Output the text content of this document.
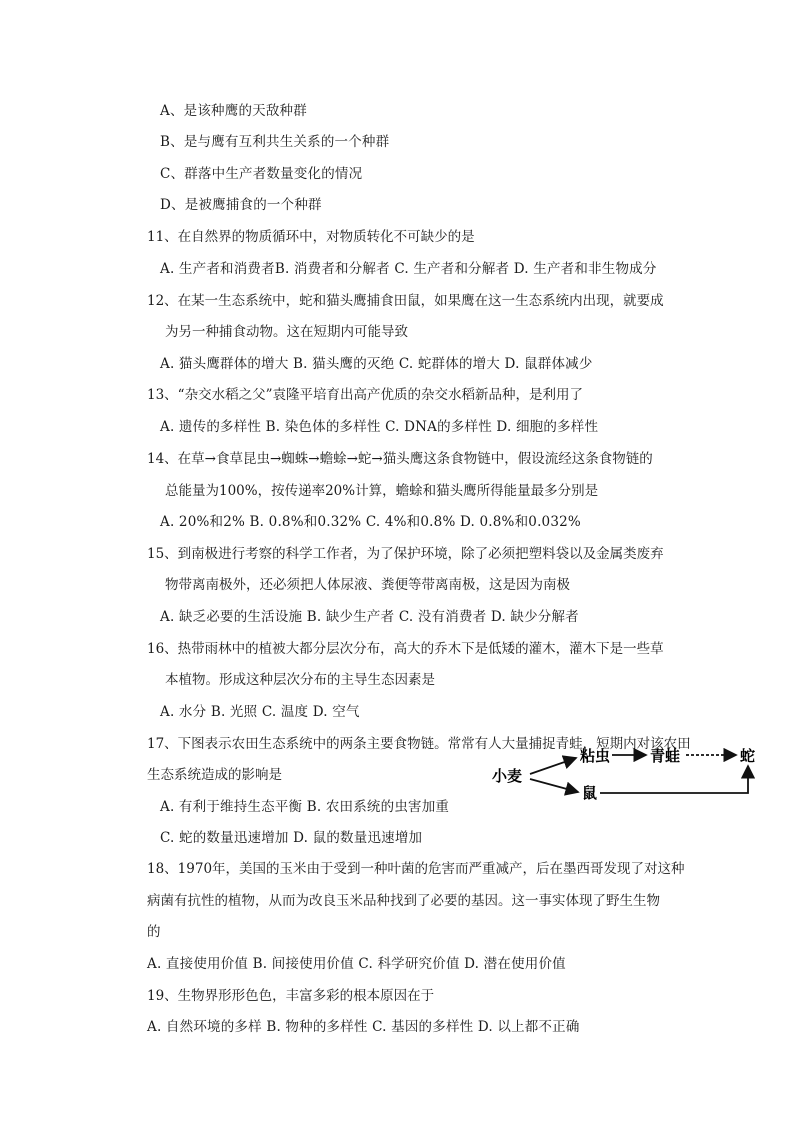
A、是该种鹰的天敌种群
B、是与鹰有互利共生关系的一个种群
C、群落中生产者数量变化的情况
D、是被鹰捕食的一个种群
11、在自然界的物质循环中，对物质转化不可缺少的是
A. 生产者和消费者B. 消费者和分解者 C. 生产者和分解者 D. 生产者和非生物成分
12、在某一生态系统中，蛇和猫头鹰捕食田鼠，如果鹰在这一生态系统内出现，就要成
为另一种捕食动物。这在短期内可能导致
A. 猫头鹰群体的增大 B. 猫头鹰的灭绝 C. 蛇群体的增大 D. 鼠群体减少
13、“杂交水稻之父”袁隆平培育出高产优质的杂交水稻新品种，是利用了
A. 遗传的多样性 B. 染色体的多样性 C. DNA的多样性 D. 细胞的多样性
14、在草→食草昆虫→蜘蛛→蟾蜍→蛇→猫头鹰这条食物链中，假设流经这条食物链的
总能量为100%，按传递率20%计算，蟾蜍和猫头鹰所得能量最多分别是
A. 20%和2% B. 0.8%和0.32% C. 4%和0.8% D. 0.8%和0.032%
15、到南极进行考察的科学工作者，为了保护环境，除了必须把塑料袋以及金属类废弃
物带离南极外，还必须把人体尿液、粪便等带离南极，这是因为南极
A. 缺乏必要的生活设施 B. 缺少生产者 C. 没有消费者 D. 缺少分解者
16、热带雨林中的植被大都分层次分布，高大的乔木下是低矮的灌木，灌木下是一些草
本植物。形成这种层次分布的主导生态因素是
A. 水分 B. 光照 C. 温度 D. 空气
17、下图表示农田生态系统中的两条主要食物链。常常有人大量捕捉青蛙，短期内对该农田
生态系统造成的影响是
A. 有利于维持生态平衡 B. 农田系统的虫害加重
C. 蛇的数量迅速增加 D. 鼠的数量迅速增加
小麦
粘虫	青蛙	蛇
鼠
18、1970年，美国的玉米由于受到一种叶菌的危害而严重减产，后在墨西哥发现了对这种
病菌有抗性的植物，从而为改良玉米品种找到了必要的基因。这一事实体现了野生生物
的
A. 直接使用价值 B. 间接使用价值 C. 科学研究价值 D. 潜在使用价值
19、生物界形形色色，丰富多彩的根本原因在于
A. 自然环境的多样 B. 物种的多样性 C. 基因的多样性 D. 以上都不正确
